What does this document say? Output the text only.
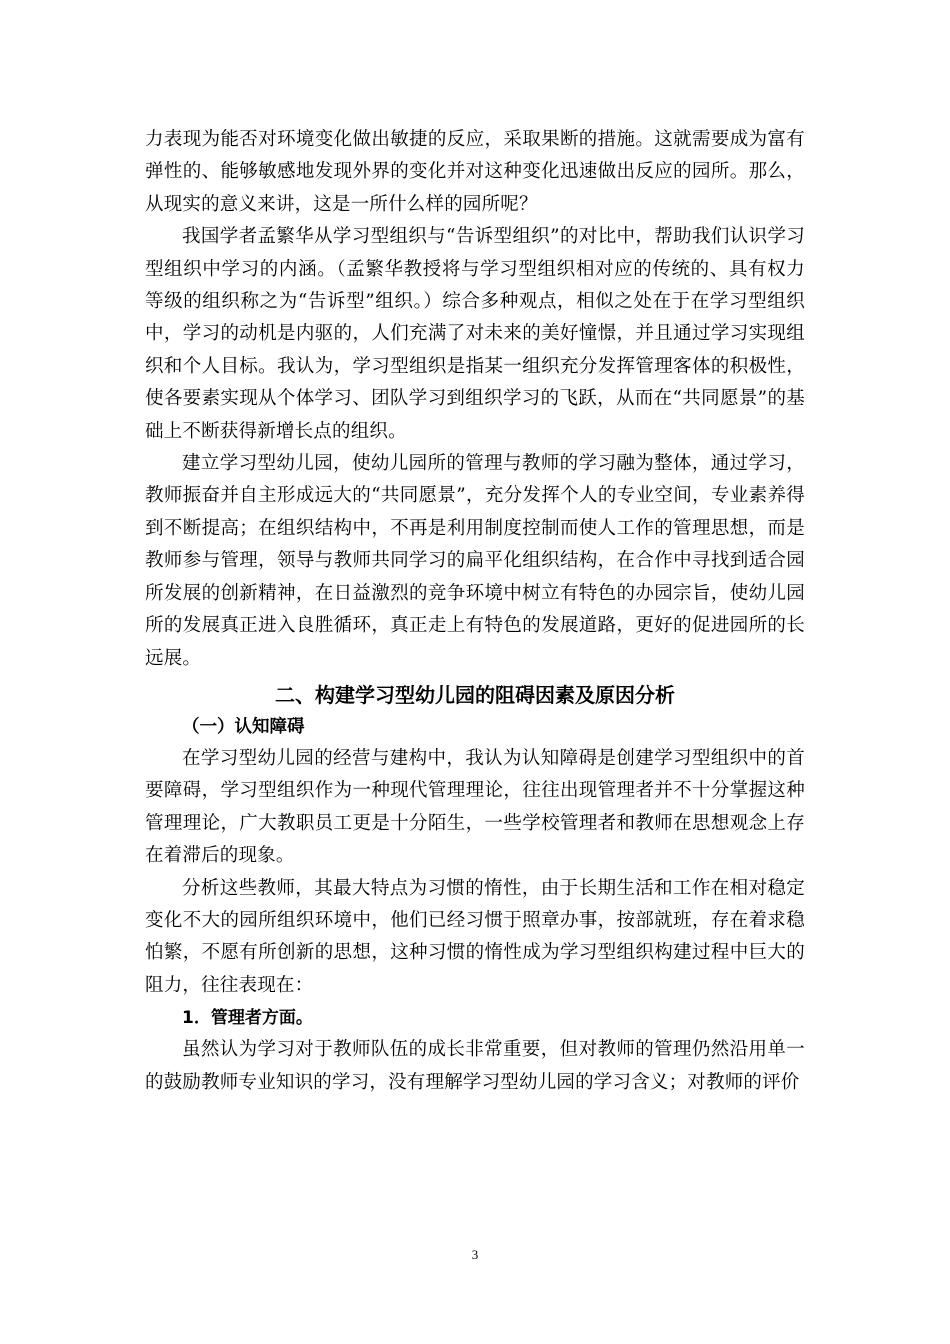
力表现为能否对环境变化做出敏捷的反应，采取果断的措施。这就需要成为富有弹性的、能够敏感地发现外界的变化并对这种变化迅速做出反应的园所。那么，从现实的意义来讲，这是一所什么样的园所呢？

我国学者孟繁华从学习型组织与“告诉型组织”的对比中，帮助我们认识学习型组织中学习的内涵。（孟繁华教授将与学习型组织相对应的传统的、具有权力等级的组织称之为“告诉型”组织。）综合多种观点，相似之处在于在学习型组织中，学习的动机是内驱的，人们充满了对未来的美好憧憬，并且通过学习实现组织和个人目标。我认为，学习型组织是指某一组织充分发挥管理客体的积极性，使各要素实现从个体学习、团队学习到组织学习的飞跃，从而在“共同愿景”的基础上不断获得新增长点的组织。

建立学习型幼儿园，使幼儿园所的管理与教师的学习融为整体，通过学习，教师振奋并自主形成远大的“共同愿景”，充分发挥个人的专业空间，专业素养得到不断提高；在组织结构中，不再是利用制度控制而使人工作的管理思想，而是教师参与管理，领导与教师共同学习的扁平化组织结构，在合作中寻找到适合园所发展的创新精神，在日益激烈的竞争环境中树立有特色的办园宗旨，使幼儿园所的发展真正进入良胜循环，真正走上有特色的发展道路，更好的促进园所的长远展。

二、构建学习型幼儿园的阻碍因素及原因分析
（一）认知障碍

在学习型幼儿园的经营与建构中，我认为认知障碍是创建学习型组织中的首要障碍，学习型组织作为一种现代管理理论，往往出现管理者并不十分掌握这种管理理论，广大教职员工更是十分陌生，一些学校管理者和教师在思想观念上存在着滞后的现象。

分析这些教师，其最大特点为习惯的惰性，由于长期生活和工作在相对稳定变化不大的园所组织环境中，他们已经习惯于照章办事，按部就班，存在着求稳怕繁，不愿有所创新的思想，这种习惯的惰性成为学习型组织构建过程中巨大的阻力，往往表现在：

1．管理者方面。

虽然认为学习对于教师队伍的成长非常重要，但对教师的管理仍然沿用单一的鼓励教师专业知识的学习，没有理解学习型幼儿园的学习含义；对教师的评价

3
